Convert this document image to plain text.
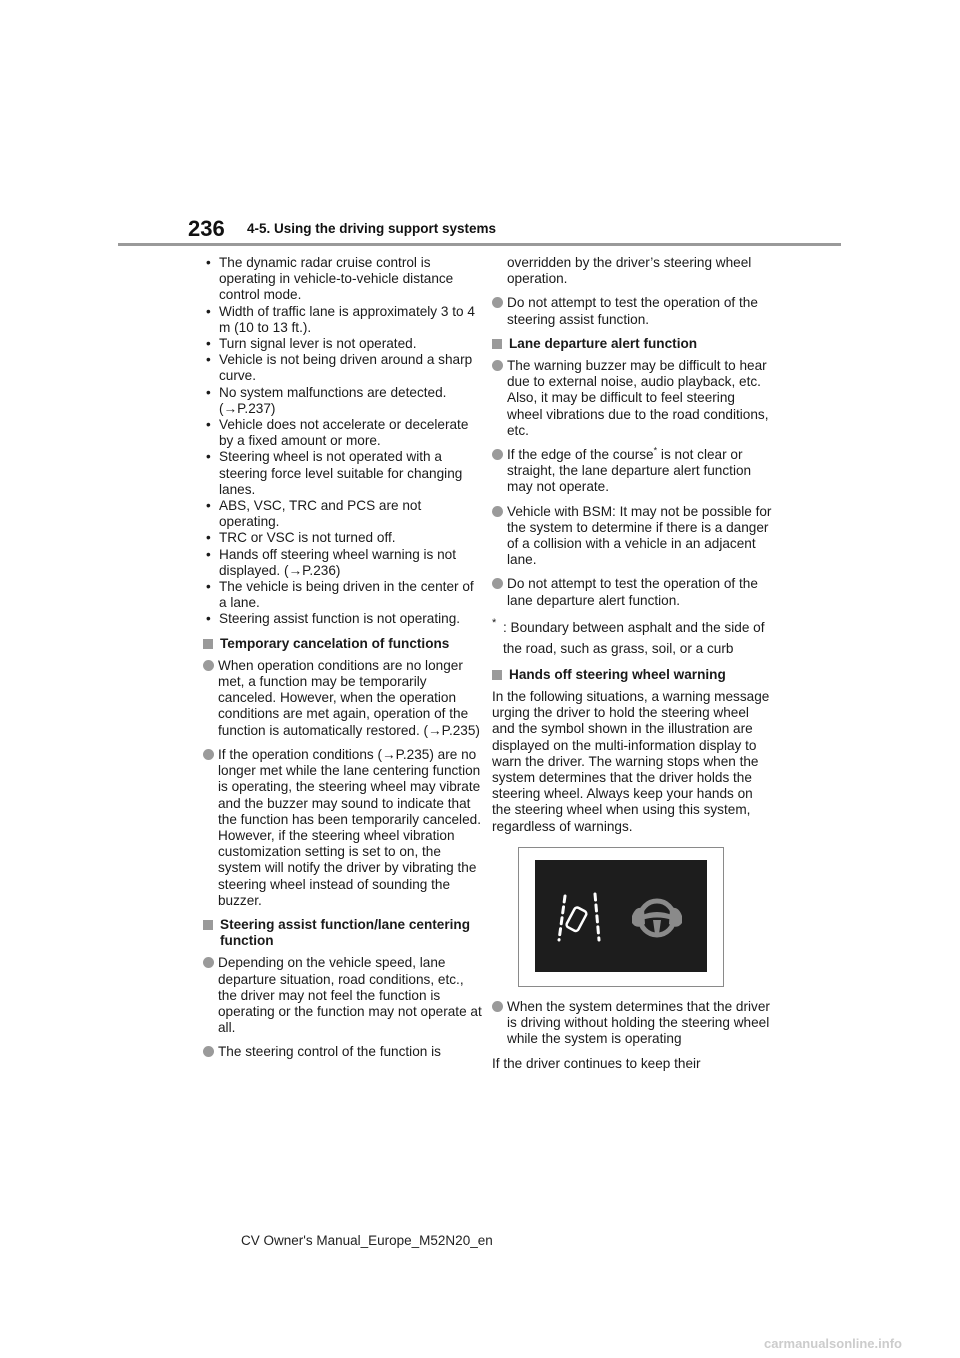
236 4-5. Using the driving support systems
• The dynamic radar cruise control is operating in vehicle-to-vehicle distance control mode.
• Width of traffic lane is approximately 3 to 4 m (10 to 13 ft.).
• Turn signal lever is not operated.
• Vehicle is not being driven around a sharp curve.
• No system malfunctions are detected. (→P.237)
• Vehicle does not accelerate or decelerate by a fixed amount or more.
• Steering wheel is not operated with a steering force level suitable for changing lanes.
• ABS, VSC, TRC and PCS are not operating.
• TRC or VSC is not turned off.
• Hands off steering wheel warning is not displayed. (→P.236)
• The vehicle is being driven in the center of a lane.
• Steering assist function is not operating.
Temporary cancelation of functions

When operation conditions are no longer met, a function may be temporarily canceled. However, when the operation conditions are met again, operation of the function is automatically restored. (→P.235)

If the operation conditions (→P.235) are no longer met while the lane centering function is operating, the steering wheel may vibrate and the buzzer may sound to indicate that the function has been temporarily canceled. However, if the steering wheel vibration customization setting is set to on, the system will notify the driver by vibrating the steering wheel instead of sounding the buzzer.

Steering assist function/lane centering function

Depending on the vehicle speed, lane departure situation, road conditions, etc., the driver may not feel the function is operating or the function may not operate at all.

The steering control of the function is

overridden by the driver’s steering wheel operation.

Do not attempt to test the operation of the steering assist function.

Lane departure alert function

The warning buzzer may be difficult to hear due to external noise, audio playback, etc. Also, it may be difficult to feel steering wheel vibrations due to the road conditions, etc.

If the edge of the course* is not clear or straight, the lane departure alert function may not operate.

Vehicle with BSM: It may not be possible for the system to determine if there is a danger of a collision with a vehicle in an adjacent lane.

Do not attempt to test the operation of the lane departure alert function.

* : Boundary between asphalt and the side of the road, such as grass, soil, or a curb

Hands off steering wheel warning

In the following situations, a warning message urging the driver to hold the steering wheel and the symbol shown in the illustration are displayed on the multi-information display to warn the driver. The warning stops when the system determines that the driver holds the steering wheel. Always keep your hands on the steering wheel when using this system, regardless of warnings.

When the system determines that the driver is driving without holding the steering wheel while the system is operating

If the driver continues to keep their

CV Owner's Manual_Europe_M52N20_en
carmanualsonline.info
